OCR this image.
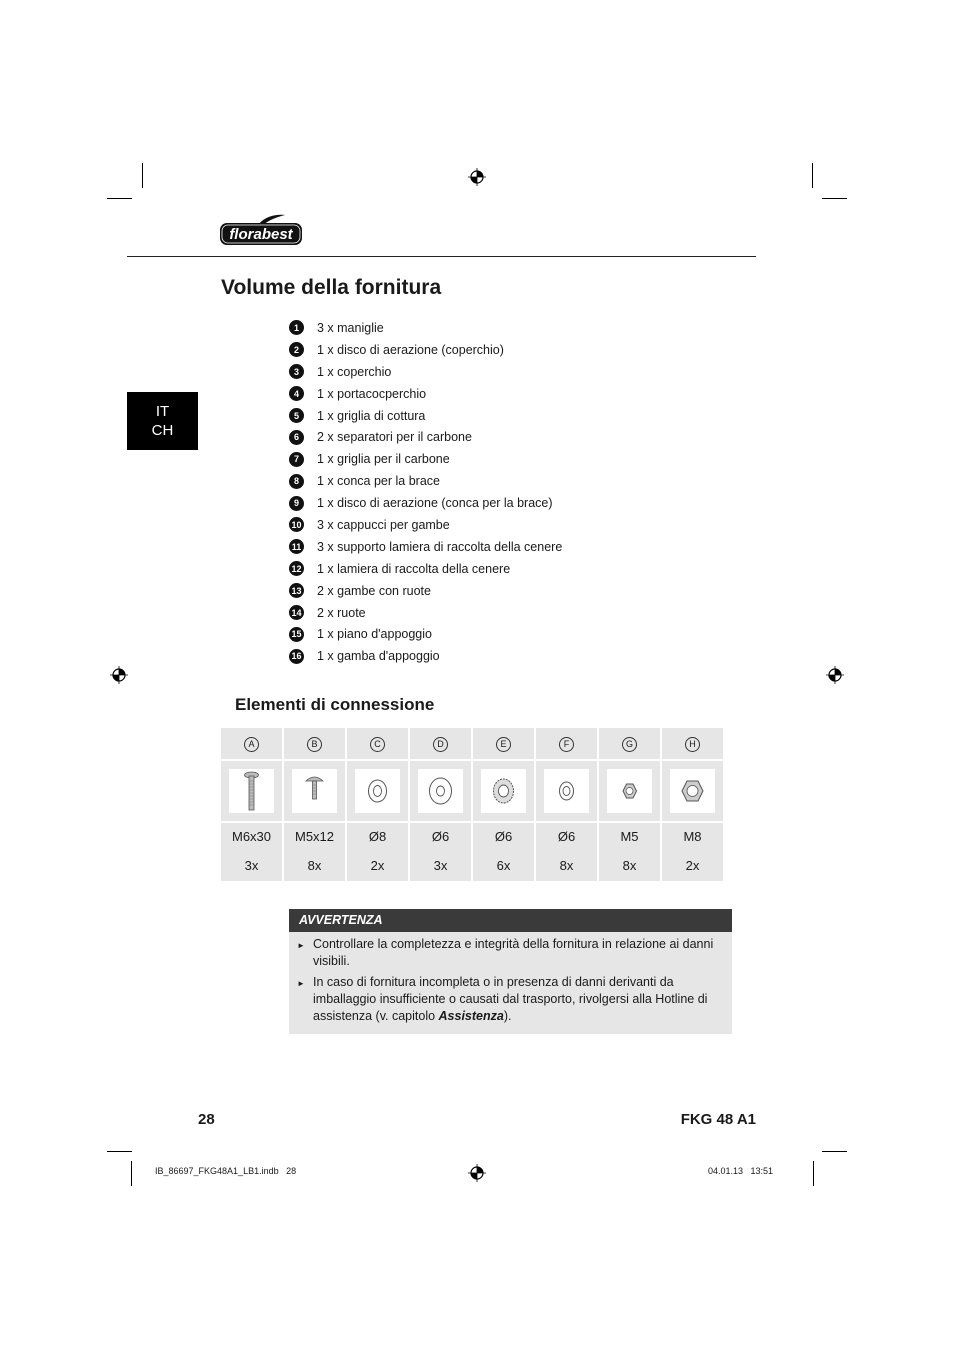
florabest
Volume della fornitura
IT
CH
1	3 x maniglie
2	1 x disco di aerazione (coperchio)
3	1 x coperchio
4	1 x portacocperchio
5	1 x griglia di cottura
6	2 x separatori per il carbone
7	1 x griglia per il carbone
8	1 x conca per la brace
9	1 x disco di aerazione (conca per la brace)
10 3 x cappucci per gambe
11 3 x supporto lamiera di raccolta della cenere
12 1 x lamiera di raccolta della cenere
13 2 x gambe con ruote
14 2 x ruote
15 1 x piano d'appoggio
16 1 x gamba d'appoggio
Elementi di connessione
A	B	C	D	E	F	G	H

M6x30	M5x12	Ø8	Ø6	Ø6	Ø6	M5	M8
3x	8x	2x	3x	6x	8x	8x	2x
AVVERTENZA
► Controllare la completezza e integrità della fornitura in relazione ai danni visibili.
► In caso di fornitura incompleta o in presenza di danni derivanti da imballaggio insufficiente o causati dal trasporto, rivolgersi alla Hotline di assistenza (v. capitolo Assistenza).
28	FKG 48 A1
IB_86697_FKG48A1_LB1.indb   28	04.01.13   13:51
